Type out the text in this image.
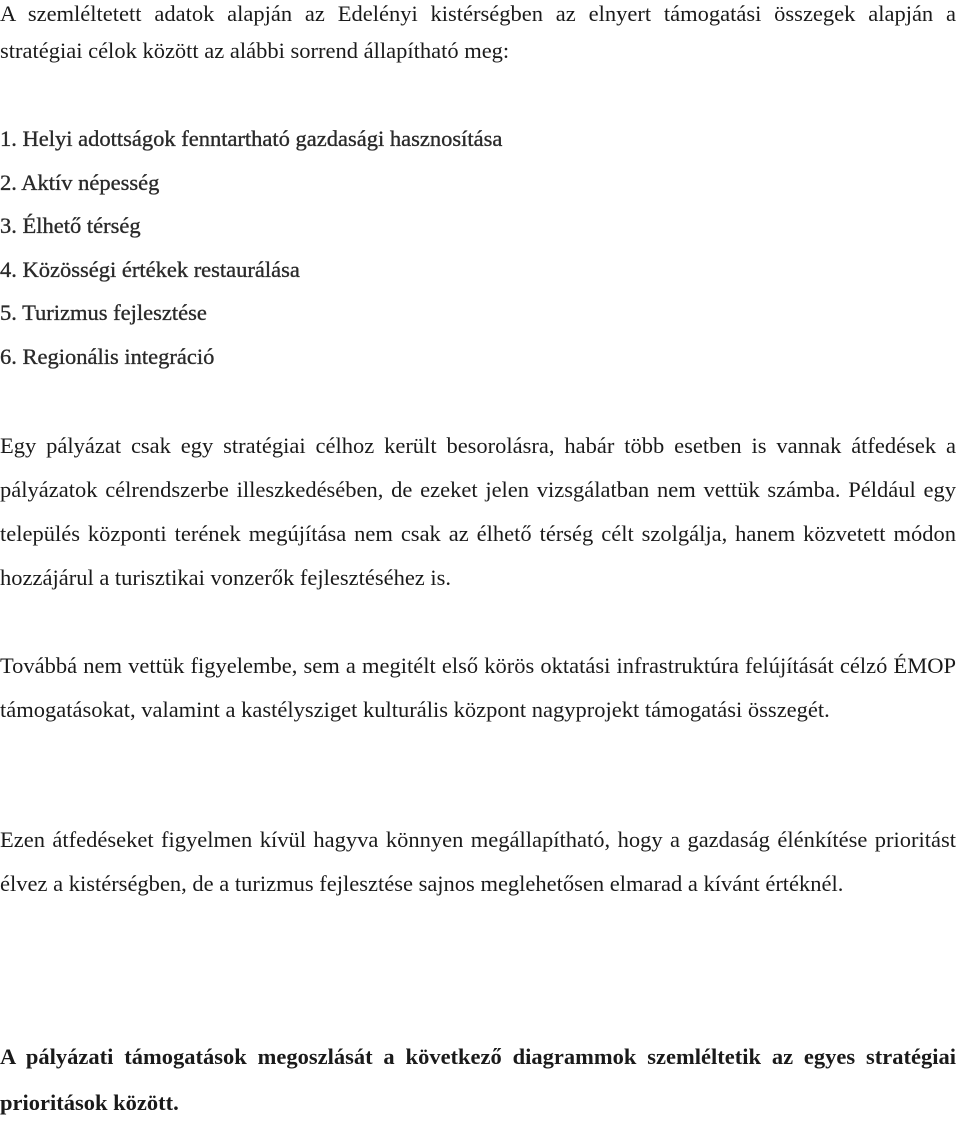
A szemléltetett adatok alapján az Edelényi kistérségben az elnyert támogatási összegek alapján a stratégiai célok között az alábbi sorrend állapítható meg:

1. Helyi adottságok fenntartható gazdasági hasznosítása
2. Aktív népesség
3. Élhető térség
4. Közösségi értékek restaurálása
5. Turizmus fejlesztése
6. Regionális integráció

Egy pályázat csak egy stratégiai célhoz került besorolásra, habár több esetben is vannak átfedések a pályázatok célrendszerbe illeszkedésében, de ezeket jelen vizsgálatban nem vettük számba. Például egy település központi terének megújítása nem csak az élhető térség célt szolgálja, hanem közvetett módon hozzájárul a turisztikai vonzerők fejlesztéséhez is.

Továbbá nem vettük figyelembe, sem a megitélt első körös oktatási infrastruktúra felújítását célzó ÉMOP támogatásokat, valamint a kastélysziget kulturális központ nagyprojekt támogatási összegét.

Ezen átfedéseket figyelmen kívül hagyva könnyen megállapítható, hogy a gazdaság élénkítése prioritást élvez a kistérségben, de a turizmus fejlesztése sajnos meglehetősen elmarad a kívánt értéknél.

A pályázati támogatások megoszlását a következő diagrammok szemléltetik az egyes stratégiai prioritások között.
